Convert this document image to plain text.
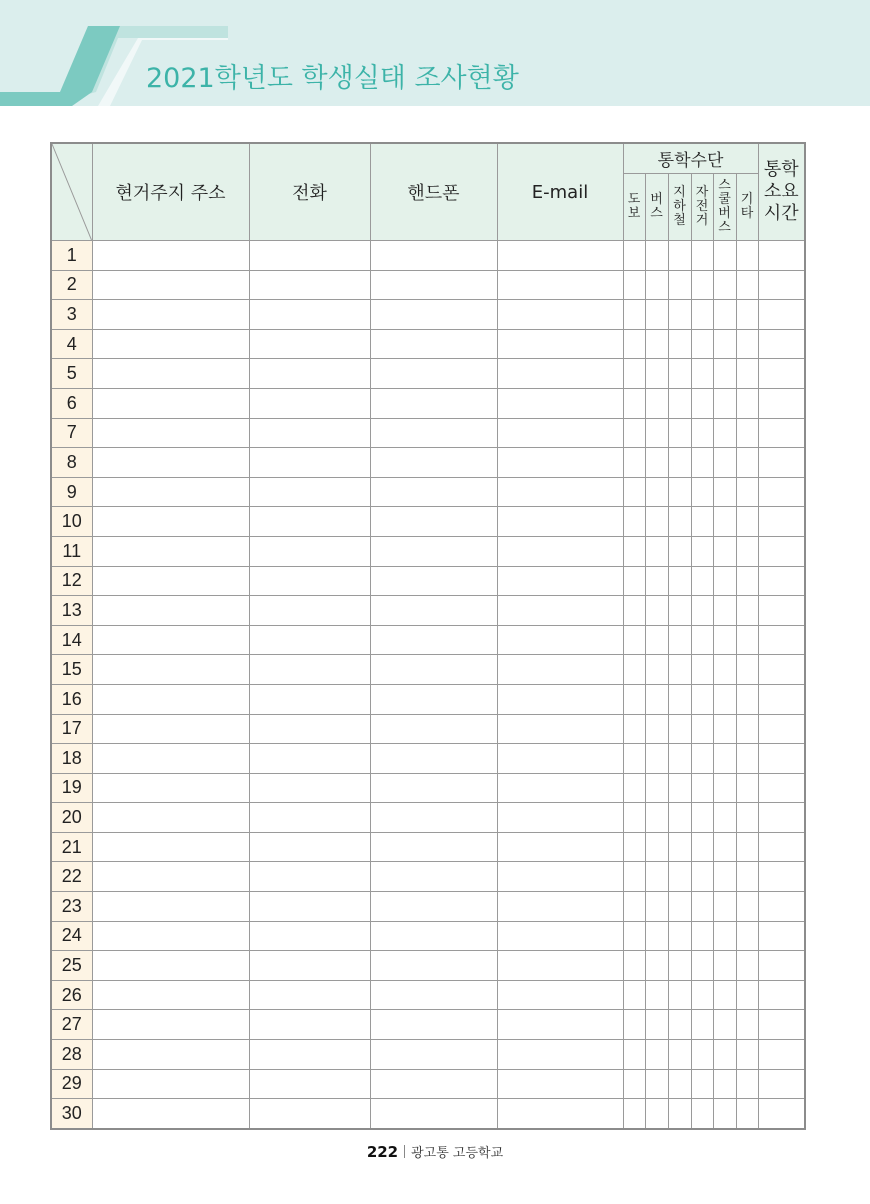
2021학년도 학생실태 조사현황
	현거주지 주소	전화	핸드폰	E-mail	통학수단						통학소요시간
					도보	버스	지하철	자전거	스쿨버스	기타	
1											
2											
3											
4											
5											
6											
7											
8											
9											
10											
11											
12											
13											
14											
15											
16											
17											
18											
19											
20											
21											
22											
23											
24											
25											
26											
27											
28											
29											
30											
222 광고통 고등학교
